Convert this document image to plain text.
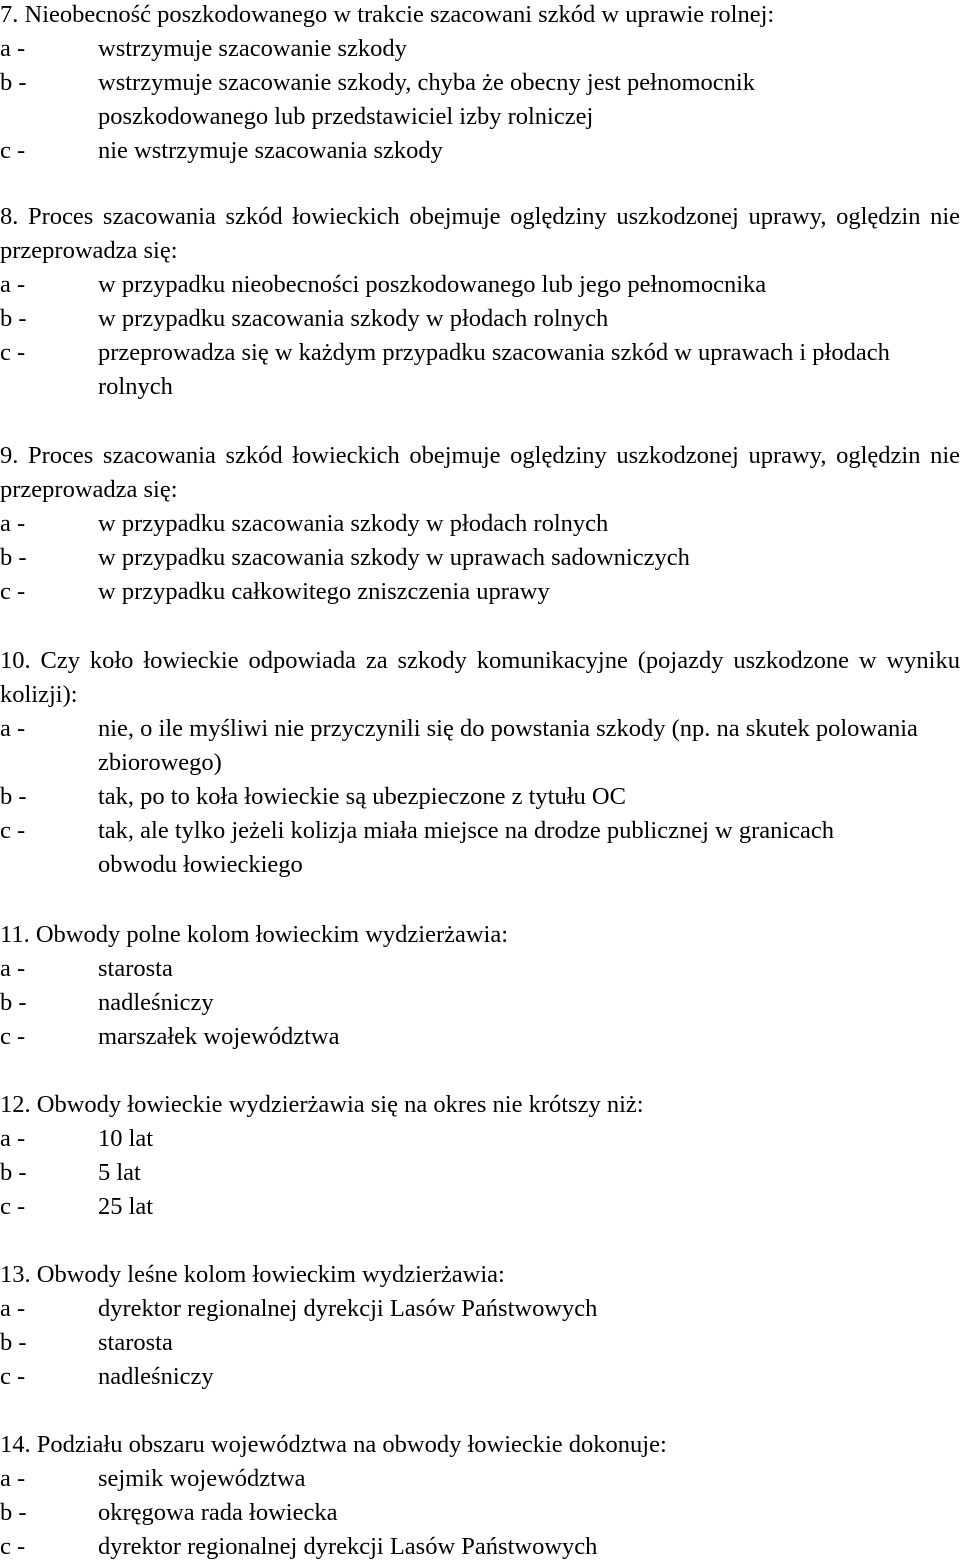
7. Nieobecność poszkodowanego w trakcie szacowani szkód w uprawie rolnej:

a -	wstrzymuje szacowanie szkody
b -	wstrzymuje szacowanie szkody, chyba że obecny jest pełnomocnik poszkodowanego lub przedstawiciel izby rolniczej
c -	nie wstrzymuje szacowania szkody

8. Proces szacowania szkód łowieckich obejmuje oględziny uszkodzonej uprawy, oględzin nie przeprowadza się:

a -	w przypadku nieobecności poszkodowanego lub jego pełnomocnika
b -	w przypadku szacowania szkody w płodach rolnych
c -	przeprowadza się w każdym przypadku szacowania szkód w uprawach i płodach rolnych

9. Proces szacowania szkód łowieckich obejmuje oględziny uszkodzonej uprawy, oględzin nie przeprowadza się:

a -	w przypadku szacowania szkody w płodach rolnych
b -	w przypadku szacowania szkody w uprawach sadowniczych
c -	w przypadku całkowitego zniszczenia uprawy

10. Czy koło łowieckie odpowiada za szkody komunikacyjne (pojazdy uszkodzone w wyniku kolizji):

a -	nie, o ile myśliwi nie przyczynili się do powstania szkody (np. na skutek polowania zbiorowego)
b -	tak, po to koła łowieckie są ubezpieczone z tytułu OC
c -	tak, ale tylko jeżeli kolizja miała miejsce na drodze publicznej w granicach obwodu łowieckiego

11. Obwody polne kolom łowieckim wydzierżawia:

a -	starosta
b -	nadleśniczy
c -	marszałek województwa

12. Obwody łowieckie wydzierżawia się na okres nie krótszy niż:

a -	10 lat
b -	5 lat
c -	25 lat

13. Obwody leśne kolom łowieckim wydzierżawia:

a -	dyrektor regionalnej dyrekcji Lasów Państwowych
b -	starosta
c -	nadleśniczy

14. Podziału obszaru województwa na obwody łowieckie dokonuje:

a -	sejmik województwa
b -	okręgowa rada łowiecka
c -	dyrektor regionalnej dyrekcji Lasów Państwowych
